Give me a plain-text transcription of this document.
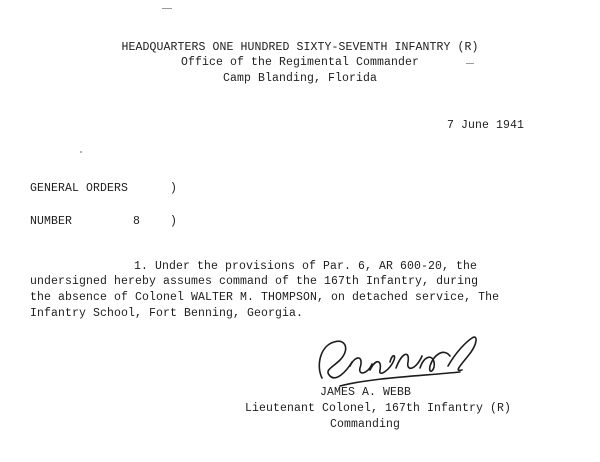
HEADQUARTERS ONE HUNDRED SIXTY-SEVENTH INFANTRY (R)
Office of the Regimental Commander
Camp Blanding, Florida
7 June 1941
GENERAL ORDERS	)
NUMBER	8	)
1. Under the provisions of Par. 6, AR 600-20, the
undersigned hereby assumes command of the 167th Infantry, during
the absence of Colonel WALTER M. THOMPSON, on detached service, The
Infantry School, Fort Benning, Georgia.
JAMES A. WEBB
Lieutenant Colonel, 167th Infantry (R)
Commanding
